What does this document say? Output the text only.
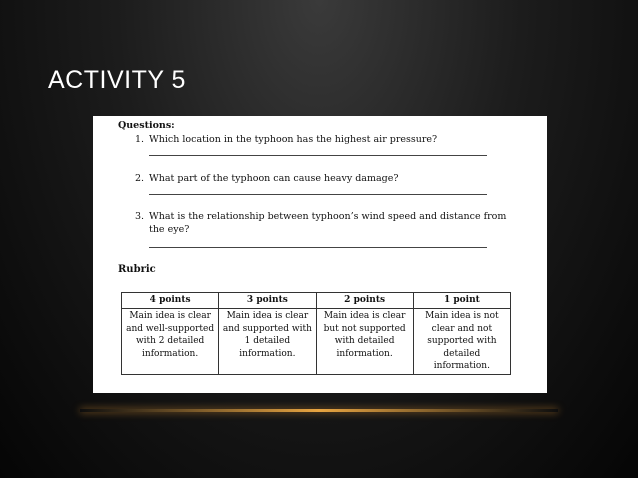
ACTIVITY 5
Questions:
1. Which location in the typhoon has the highest air pressure?
2. What part of the typhoon can cause heavy damage?
3. What is the relationship between typhoon’s wind speed and distance from the eye?
Rubric
4 points	3 points	2 points	1 point
Main idea is clear and well-supported with 2 detailed information.	Main idea is clear and supported with 1 detailed information.	Main idea is clear but not supported with detailed information.	Main idea is not clear and not supported with detailed information.
